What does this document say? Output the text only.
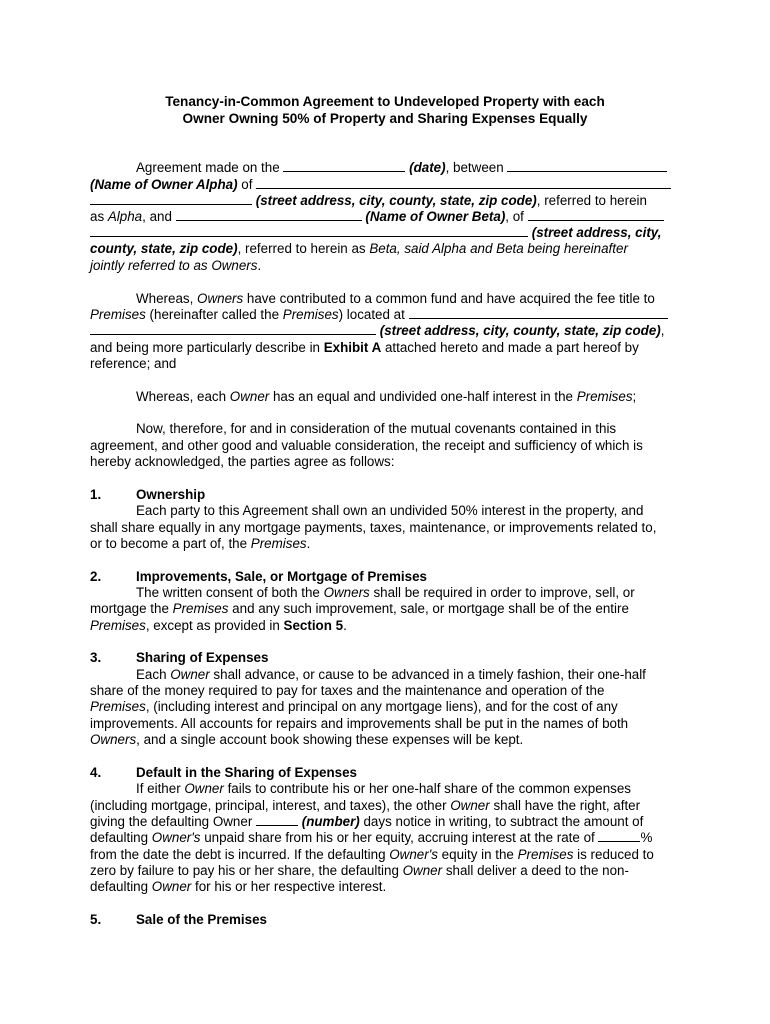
Tenancy-in-Common Agreement to Undeveloped Property with each
Owner Owning 50% of Property and Sharing Expenses Equally
Agreement made on the	(date), between
(Name of Owner Alpha) of
(street address, city, county, state, zip code), referred to herein
as Alpha, and	(Name of Owner Beta), of
(street address, city,
county, state, zip code), referred to herein as Beta, said Alpha and Beta being hereinafter
jointly referred to as Owners.
Whereas, Owners have contributed to a common fund and have acquired the fee title to
Premises (hereinafter called the Premises) located at
(street address, city, county, state, zip code),
and being more particularly describe in Exhibit A attached hereto and made a part hereof by
reference; and
Whereas, each Owner has an equal and undivided one-half interest in the Premises;
Now, therefore, for and in consideration of the mutual covenants contained in this
agreement, and other good and valuable consideration, the receipt and sufficiency of which is
hereby acknowledged, the parties agree as follows:
1.	Ownership
Each party to this Agreement shall own an undivided 50% interest in the property, and
shall share equally in any mortgage payments, taxes, maintenance, or improvements related to,
or to become a part of, the Premises.
2.	Improvements, Sale, or Mortgage of Premises
The written consent of both the Owners shall be required in order to improve, sell, or
mortgage the Premises and any such improvement, sale, or mortgage shall be of the entire
Premises, except as provided in Section 5.
3.	Sharing of Expenses
Each Owner shall advance, or cause to be advanced in a timely fashion, their one-half
share of the money required to pay for taxes and the maintenance and operation of the
Premises, (including interest and principal on any mortgage liens), and for the cost of any
improvements. All accounts for repairs and improvements shall be put in the names of both
Owners, and a single account book showing these expenses will be kept.
4.	Default in the Sharing of Expenses
If either Owner fails to contribute his or her one-half share of the common expenses
(including mortgage, principal, interest, and taxes), the other Owner shall have the right, after
giving the defaulting Owner	(number) days notice in writing, to subtract the amount of
defaulting Owner's unpaid share from his or her equity, accruing interest at the rate of	%
from the date the debt is incurred. If the defaulting Owner's equity in the Premises is reduced to
zero by failure to pay his or her share, the defaulting Owner shall deliver a deed to the non-
defaulting Owner for his or her respective interest.
5.	Sale of the Premises
